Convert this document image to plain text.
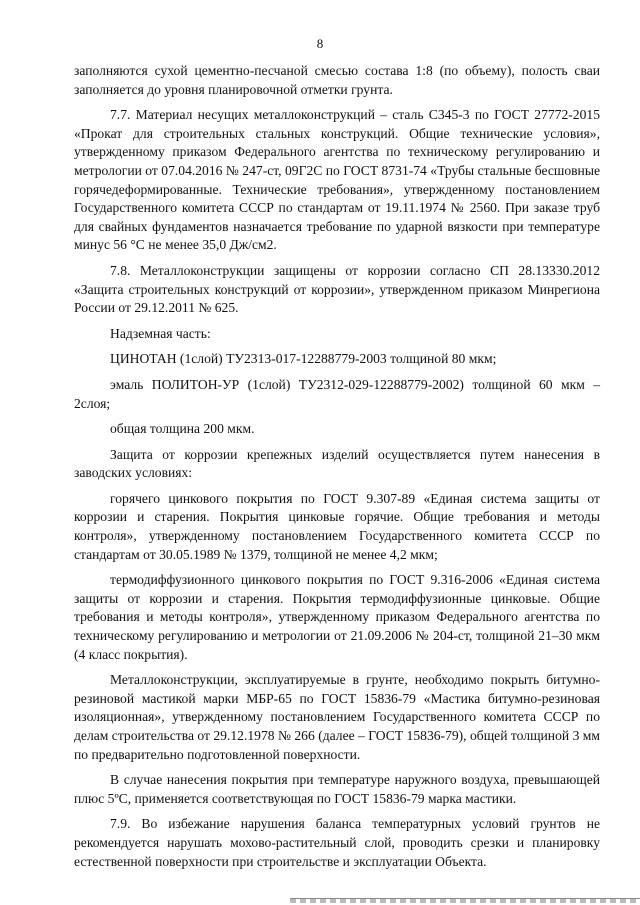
8

заполняются сухой цементно-песчаной смесью состава 1:8 (по объему), полость сваи заполняется до уровня планировочной отметки грунта.

7.7. Материал несущих металлоконструкций – сталь С345-3 по ГОСТ 27772-2015 «Прокат для строительных стальных конструкций. Общие технические условия», утвержденному приказом Федерального агентства по техническому регулированию и метрологии от 07.04.2016 № 247-ст, 09Г2С по ГОСТ 8731-74 «Трубы стальные бесшовные горячедеформированные. Технические требования», утвержденному постановлением Государственного комитета СССР по стандартам от 19.11.1974 № 2560. При заказе труб для свайных фундаментов назначается требование по ударной вязкости при температуре минус 56 °С не менее 35,0 Дж/см2.

7.8. Металлоконструкции защищены от коррозии согласно СП 28.13330.2012 «Защита строительных конструкций от коррозии», утвержденном приказом Минрегиона России от 29.12.2011 № 625.

Надземная часть:

ЦИНОТАН (1слой) ТУ2313-017-12288779-2003 толщиной 80 мкм;

эмаль ПОЛИТОН-УР (1слой) ТУ2312-029-12288779-2002) толщиной 60 мкм – 2слоя;

общая толщина 200 мкм.

Защита от коррозии крепежных изделий осуществляется путем нанесения в заводских условиях:

горячего цинкового покрытия по ГОСТ 9.307-89 «Единая система защиты от коррозии и старения. Покрытия цинковые горячие. Общие требования и методы контроля», утвержденному постановлением Государственного комитета СССР по стандартам от 30.05.1989 № 1379, толщиной не менее 4,2 мкм;

термодиффузионного цинкового покрытия по ГОСТ 9.316-2006 «Единая система защиты от коррозии и старения. Покрытия термодиффузионные цинковые. Общие требования и методы контроля», утвержденному приказом Федерального агентства по техническому регулированию и метрологии от 21.09.2006 № 204-ст, толщиной 21–30 мкм (4 класс покрытия).

Металлоконструкции, эксплуатируемые в грунте, необходимо покрыть битумно-резиновой мастикой марки МБР-65 по ГОСТ 15836-79 «Мастика битумно-резиновая изоляционная», утвержденному постановлением Государственного комитета СССР по делам строительства от 29.12.1978 № 266 (далее – ГОСТ 15836-79), общей толщиной 3 мм по предварительно подготовленной поверхности.

В случае нанесения покрытия при температуре наружного воздуха, превышающей плюс 5ºС, применяется соответствующая по ГОСТ 15836-79 марка мастики.

7.9. Во избежание нарушения баланса температурных условий грунтов не рекомендуется нарушать мохово-растительный слой, проводить срезки и планировку естественной поверхности при строительстве и эксплуатации Объекта.
